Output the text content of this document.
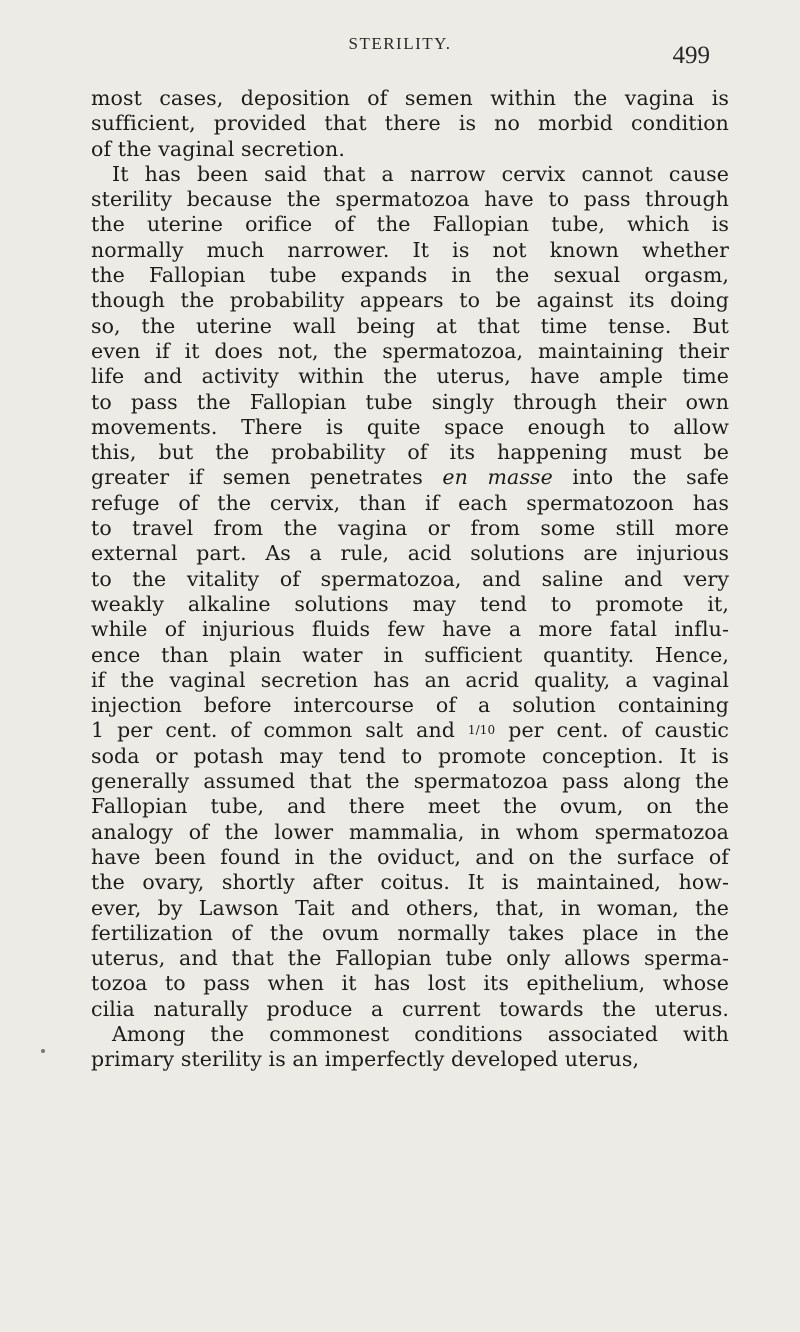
STERILITY.	499
most cases, deposition of semen within the vagina is
sufficient, provided that there is no morbid condition
of the vaginal secretion.
It has been said that a narrow cervix cannot cause
sterility because the spermatozoa have to pass through
the uterine orifice of the Fallopian tube, which is
normally much narrower. It is not known whether
the Fallopian tube expands in the sexual orgasm,
though the probability appears to be against its doing
so, the uterine wall being at that time tense. But
even if it does not, the spermatozoa, maintaining their
life and activity within the uterus, have ample time
to pass the Fallopian tube singly through their own
movements. There is quite space enough to allow
this, but the probability of its happening must be
greater if semen penetrates en masse into the safe
refuge of the cervix, than if each spermatozoon has
to travel from the vagina or from some still more
external part. As a rule, acid solutions are injurious
to the vitality of spermatozoa, and saline and very
weakly alkaline solutions may tend to promote it,
while of injurious fluids few have a more fatal influ-
ence than plain water in sufficient quantity. Hence,
if the vaginal secretion has an acrid quality, a vaginal
injection before intercourse of a solution containing
1 per cent. of common salt and 1/10 per cent. of caustic
soda or potash may tend to promote conception. It is
generally assumed that the spermatozoa pass along the
Fallopian tube, and there meet the ovum, on the
analogy of the lower mammalia, in whom spermatozoa
have been found in the oviduct, and on the surface of
the ovary, shortly after coitus. It is maintained, how-
ever, by Lawson Tait and others, that, in woman, the
fertilization of the ovum normally takes place in the
uterus, and that the Fallopian tube only allows sperma-
tozoa to pass when it has lost its epithelium, whose
cilia naturally produce a current towards the uterus.
Among the commonest conditions associated with
primary sterility is an imperfectly developed uterus,
